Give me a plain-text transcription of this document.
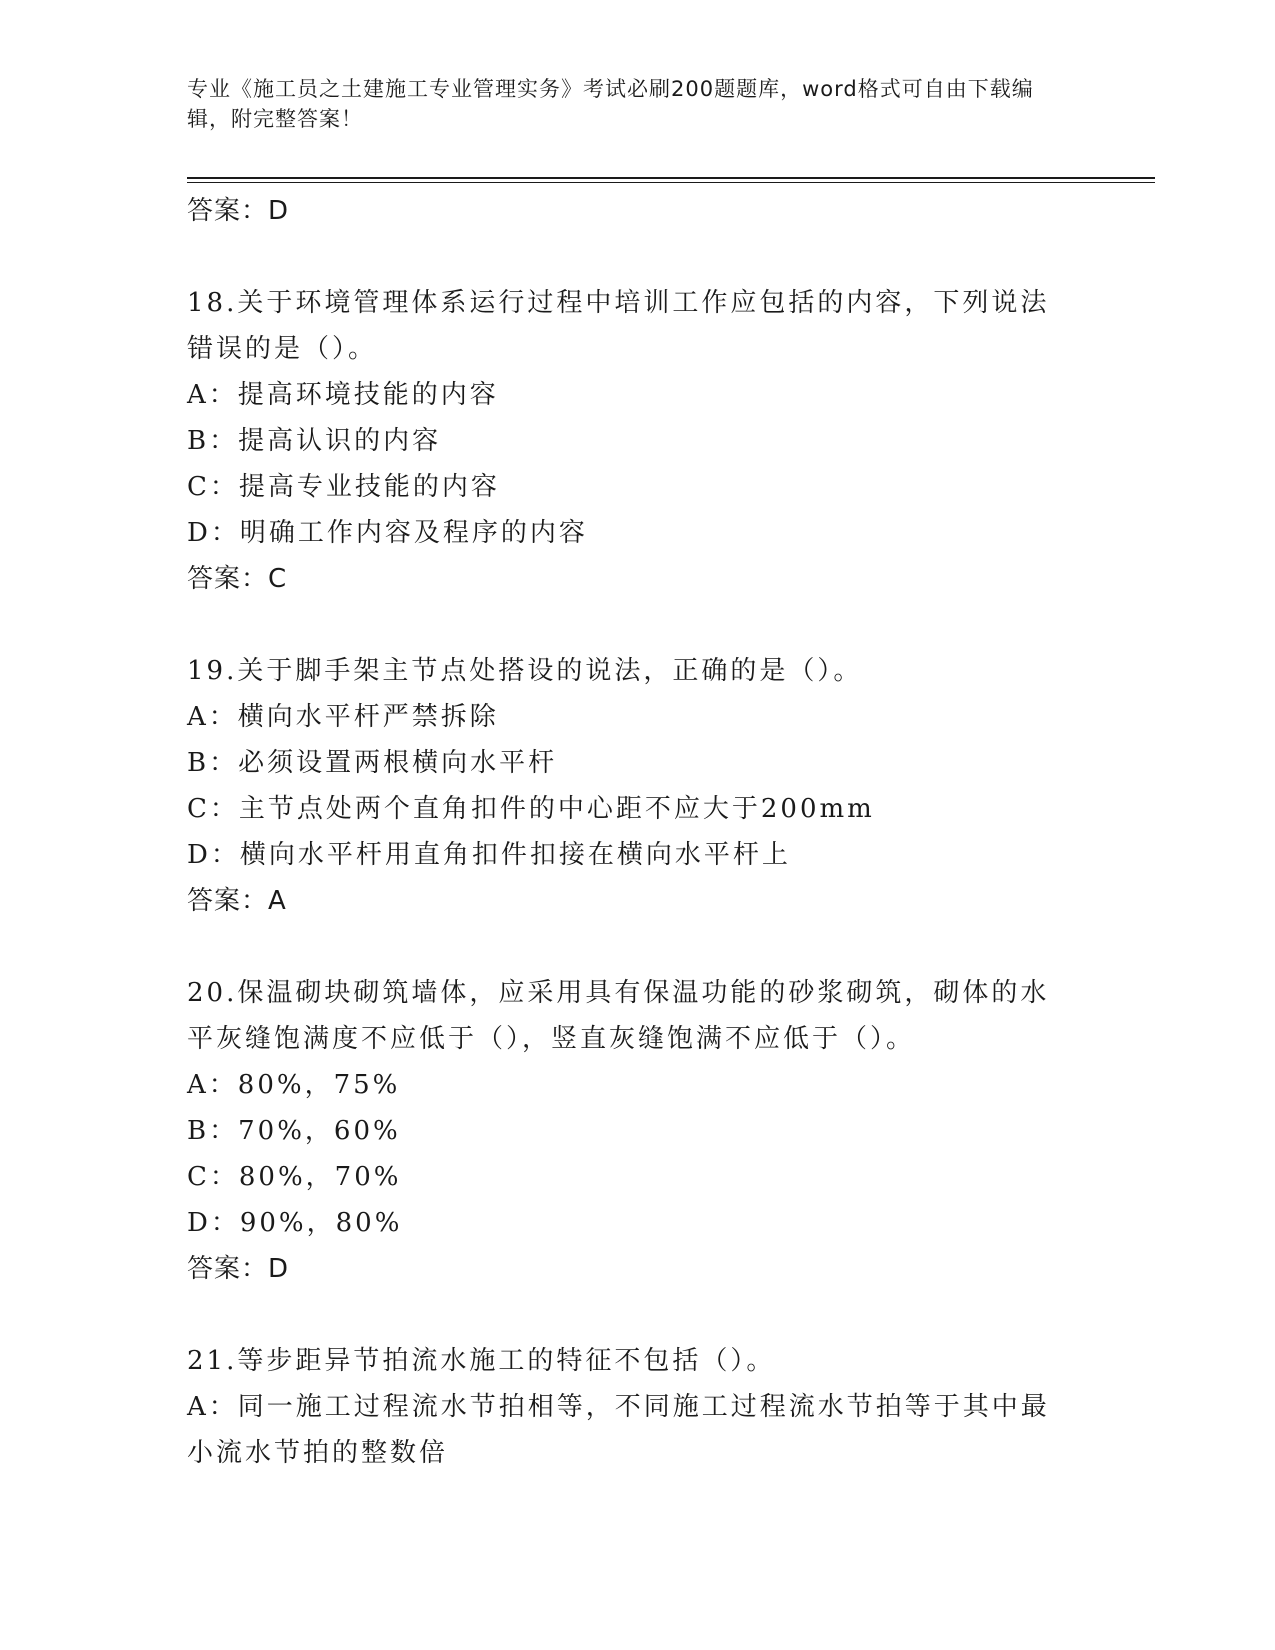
专业《施工员之土建施工专业管理实务》考试必刷200题题库，word格式可自由下载编辑，附完整答案！
答案：D
18.关于环境管理体系运行过程中培训工作应包括的内容，下列说法错误的是（）。
A：提高环境技能的内容
B：提高认识的内容
C：提高专业技能的内容
D：明确工作内容及程序的内容
答案：C
19.关于脚手架主节点处搭设的说法，正确的是（）。
A：横向水平杆严禁拆除
B：必须设置两根横向水平杆
C：主节点处两个直角扣件的中心距不应大于200mm
D：横向水平杆用直角扣件扣接在横向水平杆上
答案：A
20.保温砌块砌筑墙体，应采用具有保温功能的砂浆砌筑，砌体的水平灰缝饱满度不应低于（），竖直灰缝饱满不应低于（）。
A：80%，75%
B：70%，60%
C：80%，70%
D：90%，80%
答案：D
21.等步距异节拍流水施工的特征不包括（）。
A：同一施工过程流水节拍相等，不同施工过程流水节拍等于其中最小流水节拍的整数倍
